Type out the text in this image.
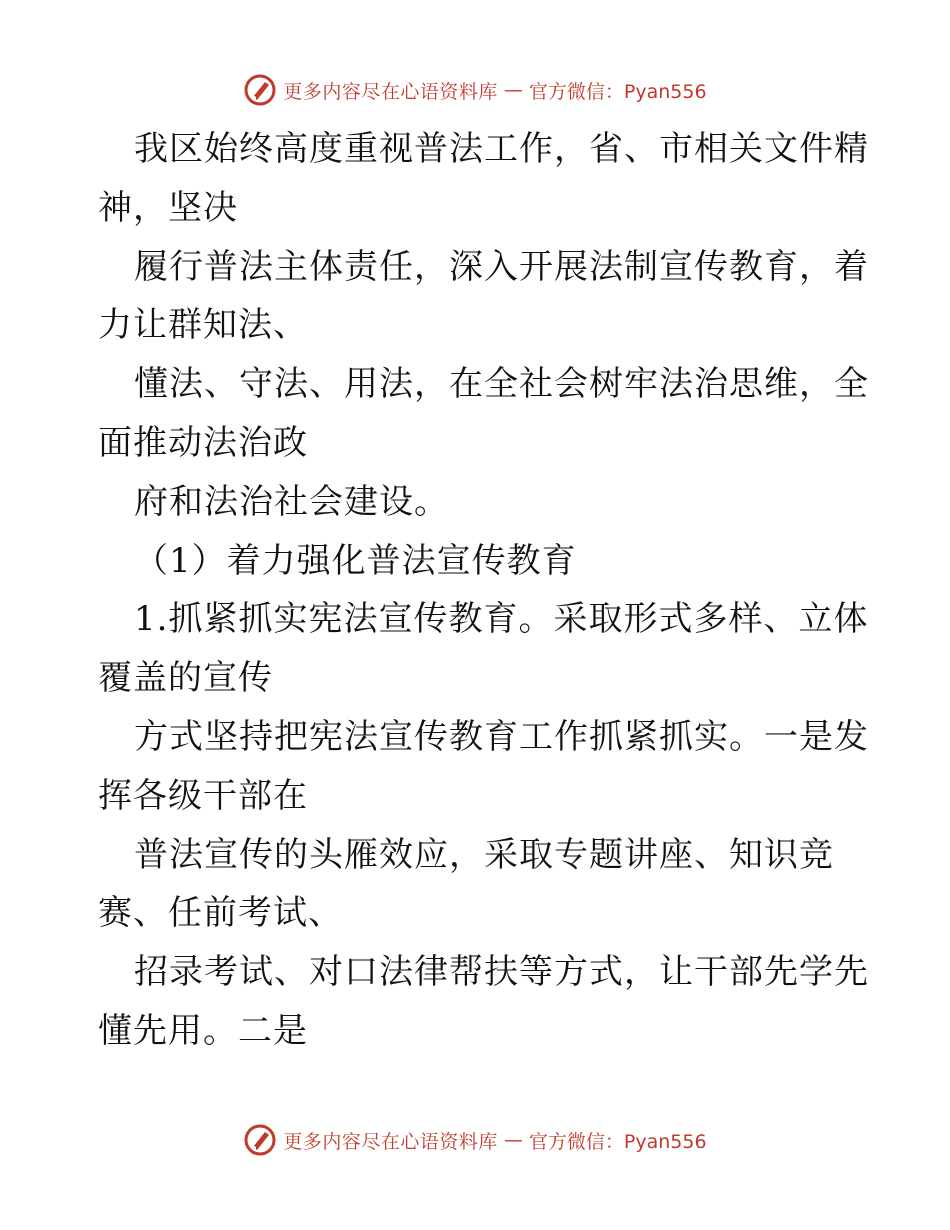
更多内容尽在心语资料库 — 官方微信：Pyan556
我区始终高度重视普法工作，省、市相关文件精
神，坚决
履行普法主体责任，深入开展法制宣传教育，着
力让群知法、
懂法、守法、用法，在全社会树牢法治思维，全
面推动法治政
府和法治社会建设。
（1）着力强化普法宣传教育
1.抓紧抓实宪法宣传教育。采取形式多样、立体
覆盖的宣传
方式坚持把宪法宣传教育工作抓紧抓实。一是发
挥各级干部在
普法宣传的头雁效应，采取专题讲座、知识竞
赛、任前考试、
招录考试、对口法律帮扶等方式，让干部先学先
懂先用。二是
更多内容尽在心语资料库 — 官方微信：Pyan556
